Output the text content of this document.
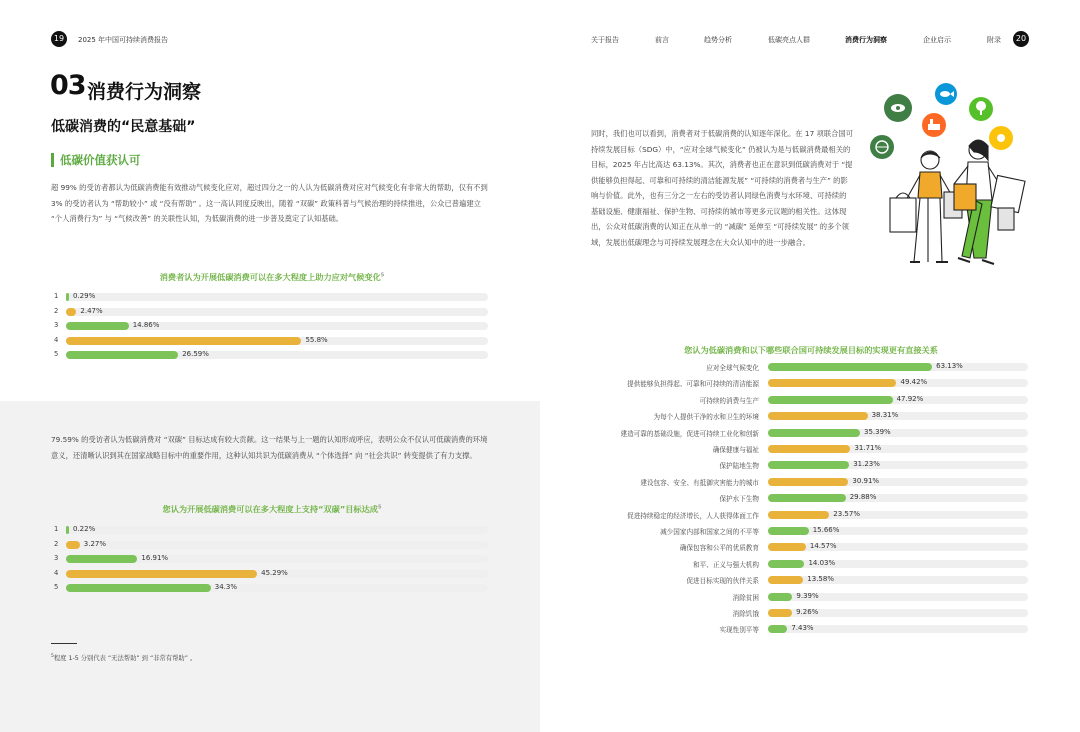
19	2025 年中国可持续消费报告	关于报告	前言	趋势分析	低碳亮点人群	消费行为洞察	企业启示	附录	20
03 消费行为洞察
低碳消费的“民意基础”
低碳价值获认可
超 99% 的受访者都认为低碳消费能有效推动气候变化应对，超过四分之一的人认为低碳消费对应对气候变化有非常大的帮助，仅有不到 3% 的受访者认为 “帮助较小” 或 “没有帮助” 。这一高认同度反映出，随着 “双碳” 政策科普与气候治理的持续推进，公众已普遍建立 “个人消费行为” 与 “气候改善” 的关联性认知，为低碳消费的进一步普及奠定了认知基础。
消费者认为开展低碳消费可以在多大程度上助力应对气候变化$^5$
1 0.29%
2	2.47%
3	14.86%
4	55.8%
5	26.59%
79.59% 的受访者认为低碳消费对 “双碳” 目标达成有较大贡献。这一结果与上一题的认知形成呼应，表明公众不仅认可低碳消费的环境意义，还清晰认识到其在国家战略目标中的重要作用，这种认知共识为低碳消费从 “个体选择” 向 “社会共识” 转变提供了有力支撑。
您认为开展低碳消费可以在多大程度上支持“双碳”目标达成$^5$
1 0.22%
2	3.27%
3	16.91%
4	45.29%
5	34.3%
$^5$程度 1-5 分别代表 “无法帮助” 到 “非常有帮助” 。
同时，我们也可以看到，消费者对于低碳消费的认知逐年深化。在 17 项联合国可持续发展目标（SDG）中，“应对全球气候变化” 仍被认为是与低碳消费最相关的目标，2025 年占比高达 63.13%。其次，消费者也正在意识到低碳消费对于 “提供能够负担得起、可靠和可持续的清洁能源发展” “可持续的消费者与生产” 的影响与价值。此外，也有三分之一左右的受访者认同绿色消费与水环境、可持续的基础设施、健康福祉、保护生物、可持续的城市等更多元议题的相关性。这体现出，公众对低碳消费的认知正在从单一的 “减碳” 延伸至 “可持续发展” 的多个领域，发展出低碳理念与可持续发展理念在大众认知中的进一步融合。
您认为低碳消费和以下哪些联合国可持续发展目标的实现更有直接关系
应对全球气候变化	63.13%
提供能够负担得起、可靠和可持续的清洁能源	49.42%
可持续的消费与生产	47.92%
为每个人提供干净的水和卫生的环境	38.31%
建造可靠的基础设施，促进可持续工业化和创新	35.39%
确保健康与福祉	31.71%
保护陆地生物	31.23%
建设包容、安全、有抵御灾害能力的城市	30.91%
保护水下生物	29.88%
促进持续稳定的经济增长，人人获得体面工作	23.57%
减少国家内部和国家之间的不平等	15.66%
确保包容和公平的优质教育	14.57%
和平、正义与强大机构	14.03%
促进目标实现的伙伴关系	13.58%
消除贫困	9.39%
消除饥饿	9.26%
实现性别平等	7.43%
